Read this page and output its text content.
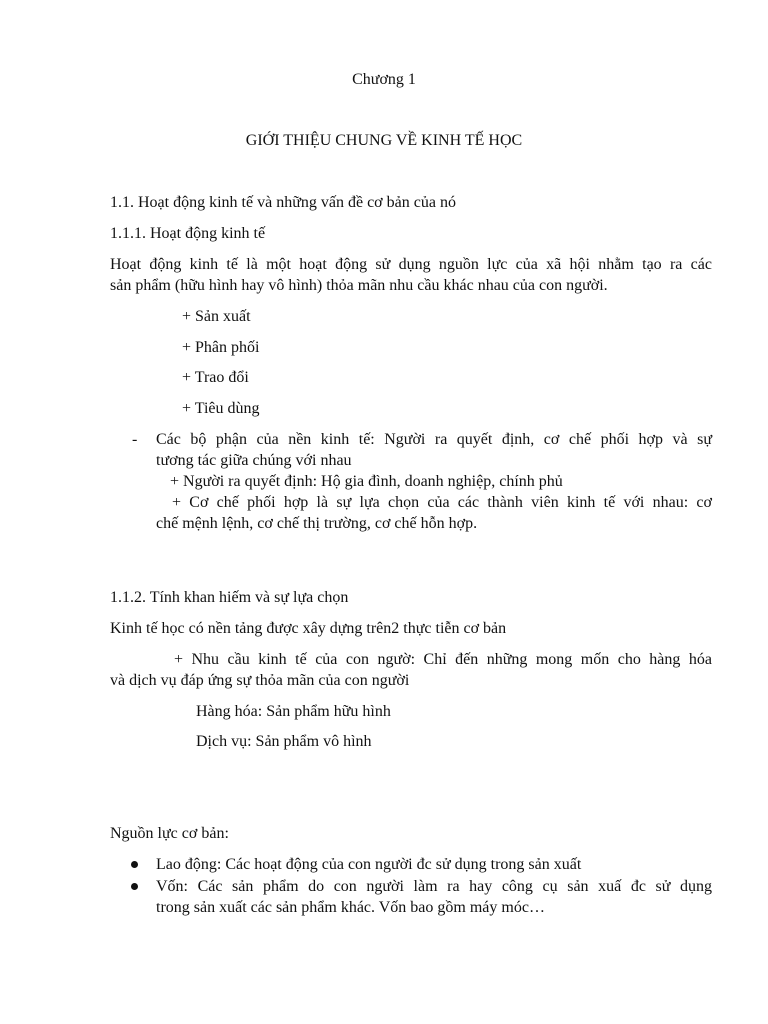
Chương 1
GIỚI THIỆU CHUNG VỀ KINH TẾ HỌC
1.1. Hoạt động kinh tế và những vấn đề cơ bản của nó
1.1.1. Hoạt động kinh tế
Hoạt động kinh tế là một hoạt động sử dụng nguồn lực của xã hội nhằm tạo ra các
sản phẩm (hữu hình hay vô hình) thỏa mãn nhu cầu khác nhau của con người.
+ Sản xuất
+ Phân phối
+ Trao đổi
+ Tiêu dùng
- Các bộ phận của nền kinh tế: Người ra quyết định, cơ chế phối hợp và sự
tương tác giữa chúng với nhau
+ Người ra quyết định: Hộ gia đình, doanh nghiệp, chính phủ
+ Cơ chế phối hợp là sự lựa chọn của các thành viên kinh tế với nhau: cơ
chế mệnh lệnh, cơ chế thị trường, cơ chế hỗn hợp.
1.1.2. Tính khan hiếm và sự lựa chọn
Kinh tế học có nền tảng được xây dựng trên2 thực tiễn cơ bản
+ Nhu cầu kinh tế của con ngườ: Chỉ đến những mong mốn cho hàng hóa
và dịch vụ đáp ứng sự thỏa mãn của con người
Hàng hóa: Sản phẩm hữu hình
Dịch vụ: Sản phẩm vô hình
Nguồn lực cơ bản:
Lao động: Các hoạt động của con người đc sử dụng trong sản xuất
Vốn: Các sản phẩm do con người làm ra hay công cụ sản xuấ đc sử dụng
trong sản xuất các sản phẩm khác. Vốn bao gồm máy móc…
